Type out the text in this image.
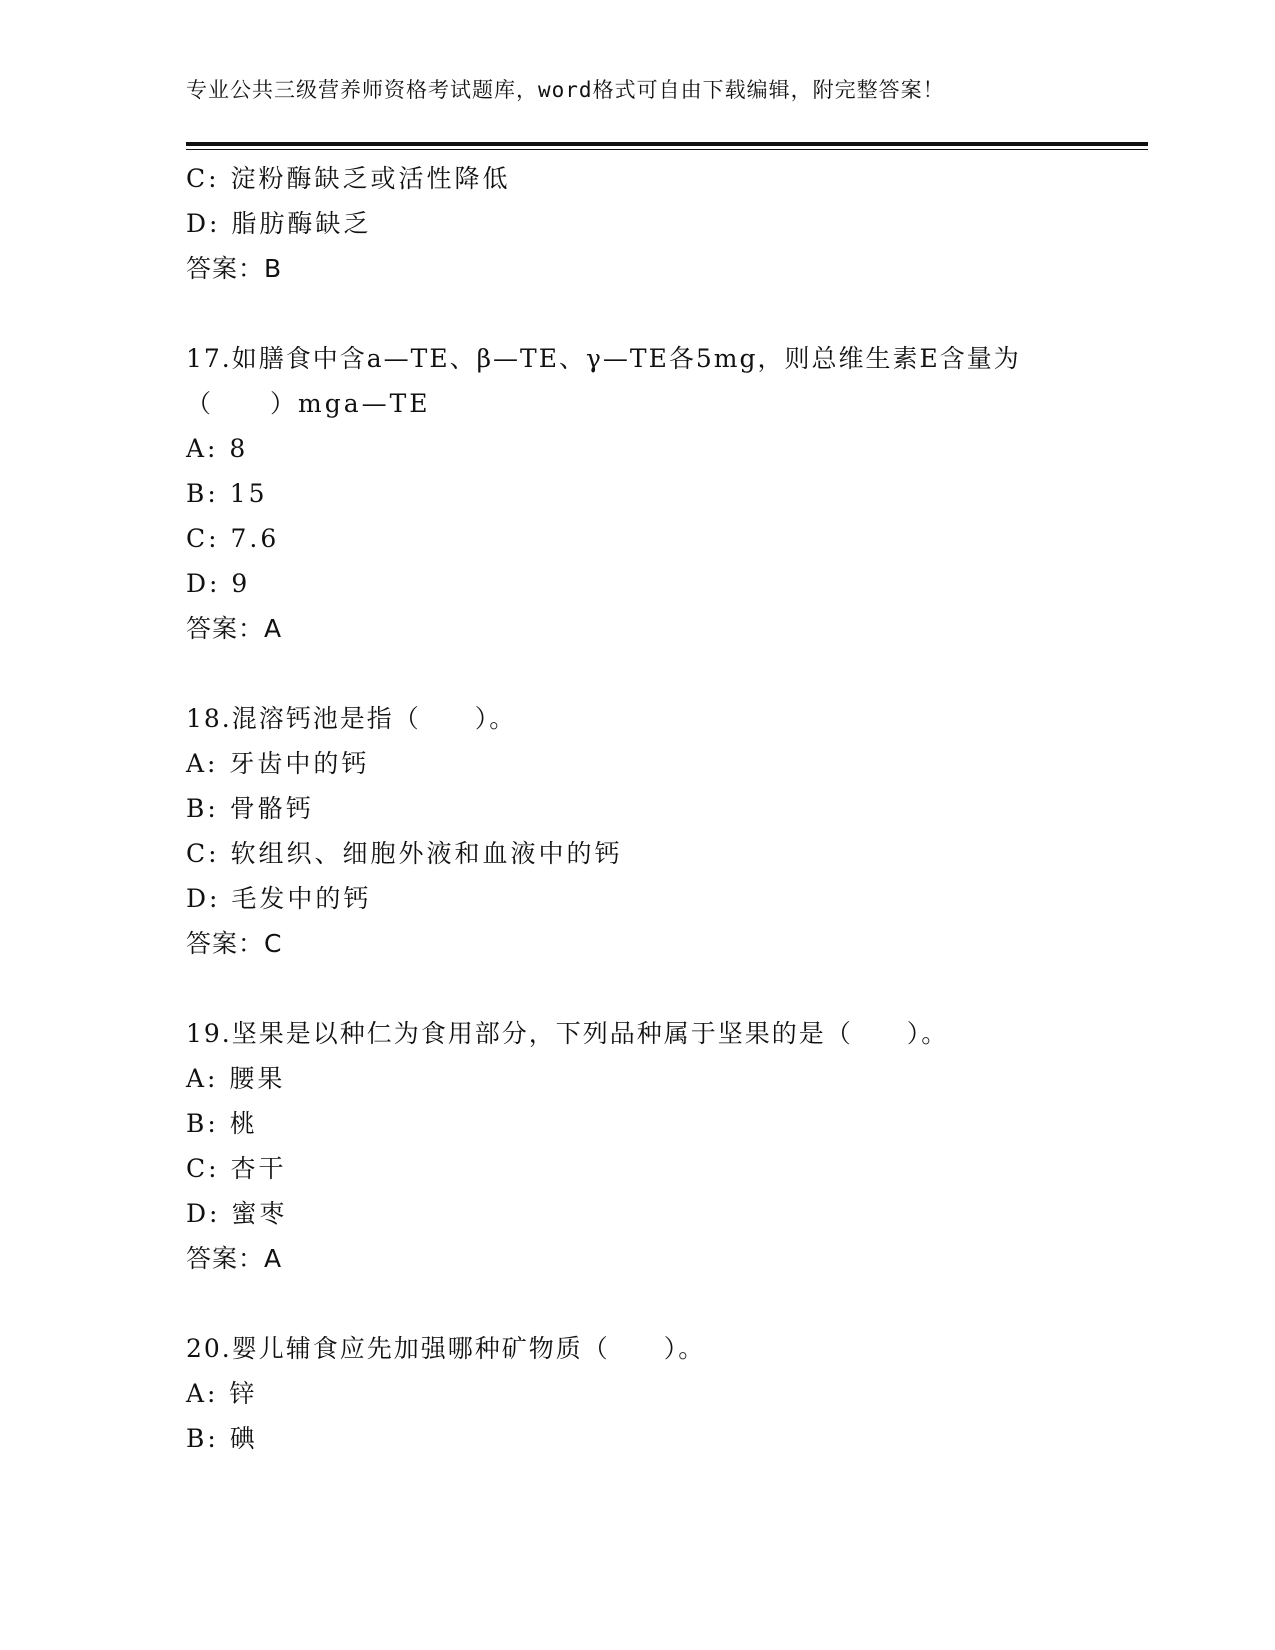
专业公共三级营养师资格考试题库，word格式可自由下载编辑，附完整答案！
C: 淀粉酶缺乏或活性降低
D: 脂肪酶缺乏
答案：B
17.如膳食中含a—TE、β—TE、γ—TE各5mg，则总维生素E含量为
（　　）mga—TE
A: 8
B: 15
C: 7.6
D: 9
答案：A
18.混溶钙池是指（　　）。
A: 牙齿中的钙
B: 骨骼钙
C: 软组织、细胞外液和血液中的钙
D: 毛发中的钙
答案：C
19.坚果是以种仁为食用部分，下列品种属于坚果的是（　　）。
A: 腰果
B: 桃
C: 杏干
D: 蜜枣
答案：A
20.婴儿辅食应先加强哪种矿物质（　　）。
A: 锌
B: 碘
